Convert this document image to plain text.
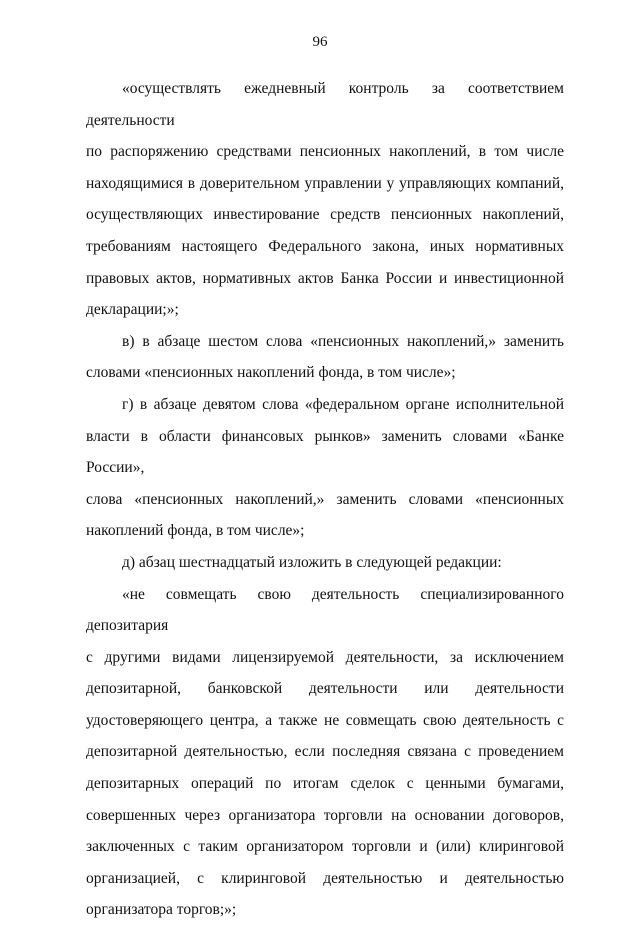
96

«осуществлять ежедневный контроль за соответствием деятельности
по распоряжению средствами пенсионных накоплений, в том числе
находящимися в доверительном управлении у управляющих компаний,
осуществляющих инвестирование средств пенсионных накоплений,
требованиям настоящего Федерального закона, иных нормативных
правовых актов, нормативных актов Банка России и инвестиционной
декларации;»;

в) в абзаце шестом слова «пенсионных накоплений,» заменить
словами «пенсионных накоплений фонда, в том числе»;

г) в абзаце девятом слова «федеральном органе исполнительной
власти в области финансовых рынков» заменить словами «Банке России»,
слова «пенсионных накоплений,» заменить словами «пенсионных
накоплений фонда, в том числе»;

д) абзац шестнадцатый изложить в следующей редакции:

«не совмещать свою деятельность специализированного депозитария
с другими видами лицензируемой деятельности, за исключением
депозитарной, банковской деятельности или деятельности
удостоверяющего центра, а также не совмещать свою деятельность с
депозитарной деятельностью, если последняя связана с проведением
депозитарных операций по итогам сделок с ценными бумагами,
совершенных через организатора торговли на основании договоров,
заключенных с таким организатором торговли и (или) клиринговой
организацией, с клиринговой деятельностью и деятельностью
организатора торгов;»;
